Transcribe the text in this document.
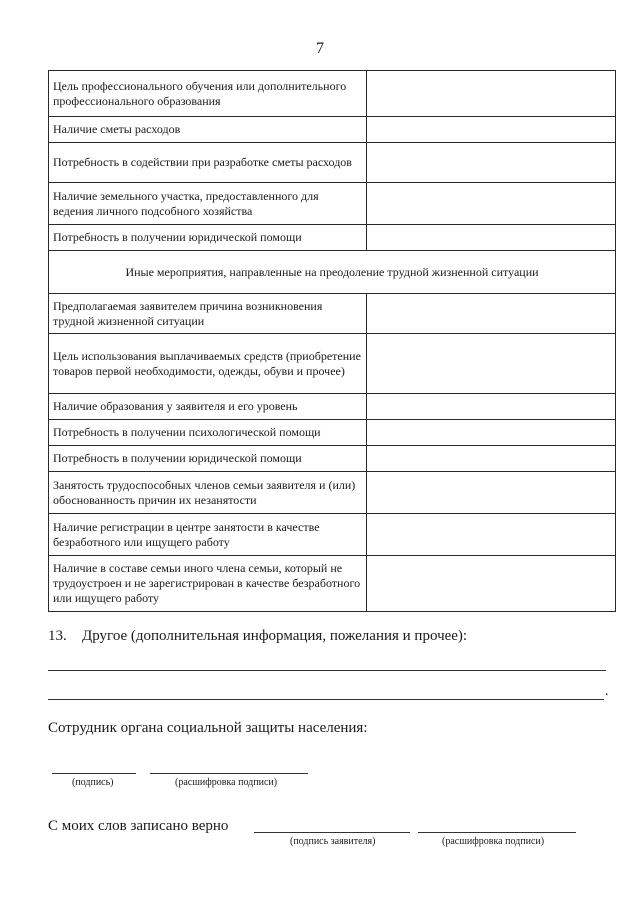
7
Цель профессионального обучения или дополнительного профессионального образования	
Наличие сметы расходов	
Потребность в содействии при разработке сметы расходов	
Наличие земельного участка, предоставленного для ведения личного подсобного хозяйства	
Потребность в получении юридической помощи	
Иные мероприятия, направленные на преодоление трудной жизненной ситуации	
Предполагаемая заявителем причина возникновения трудной жизненной ситуации	
Цель использования выплачиваемых средств (приобретение товаров первой необходимости, одежды, обуви и прочее)	
Наличие образования у заявителя и его уровень	
Потребность в получении психологической помощи	
Потребность в получении юридической помощи	
Занятость трудоспособных членов семьи заявителя и (или) обоснованность причин их незанятости	
Наличие регистрации в центре занятости в качестве безработного или ищущего работу	
Наличие в составе семьи иного члена семьи, который не трудоустроен и не зарегистрирован в качестве безработного или ищущего работу	
13. Другое (дополнительная информация, пожелания и прочее):
.
Сотрудник органа социальной защиты населения:
(подпись)	(расшифровка подписи)
С моих слов записано верно
(подпись заявителя)	(расшифровка подписи)
